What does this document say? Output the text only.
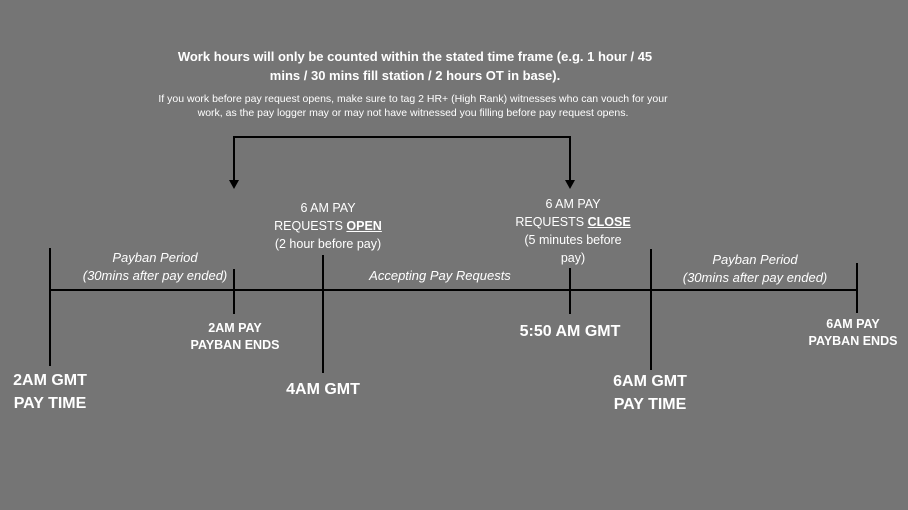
Work hours will only be counted within the stated time frame (e.g. 1 hour / 45 mins / 30 mins fill station / 2 hours OT in base).
If you work before pay request opens, make sure to tag 2 HR+ (High Rank) witnesses who can vouch for your work, as the pay logger may or may not have witnessed you filling before pay request opens.
Payban Period
(30mins after pay ended)	Accepting Pay Requests
Payban Period
(30mins after pay ended)
6 AM PAY
REQUESTS OPEN
(2 hour before pay)
6 AM PAY
REQUESTS CLOSE
(5 minutes before
pay)
2AM GMT
PAY TIME
2AM PAY
PAYBAN ENDS
4AM GMT
5:50 AM GMT
6AM GMT
PAY TIME
6AM PAY
PAYBAN ENDS
